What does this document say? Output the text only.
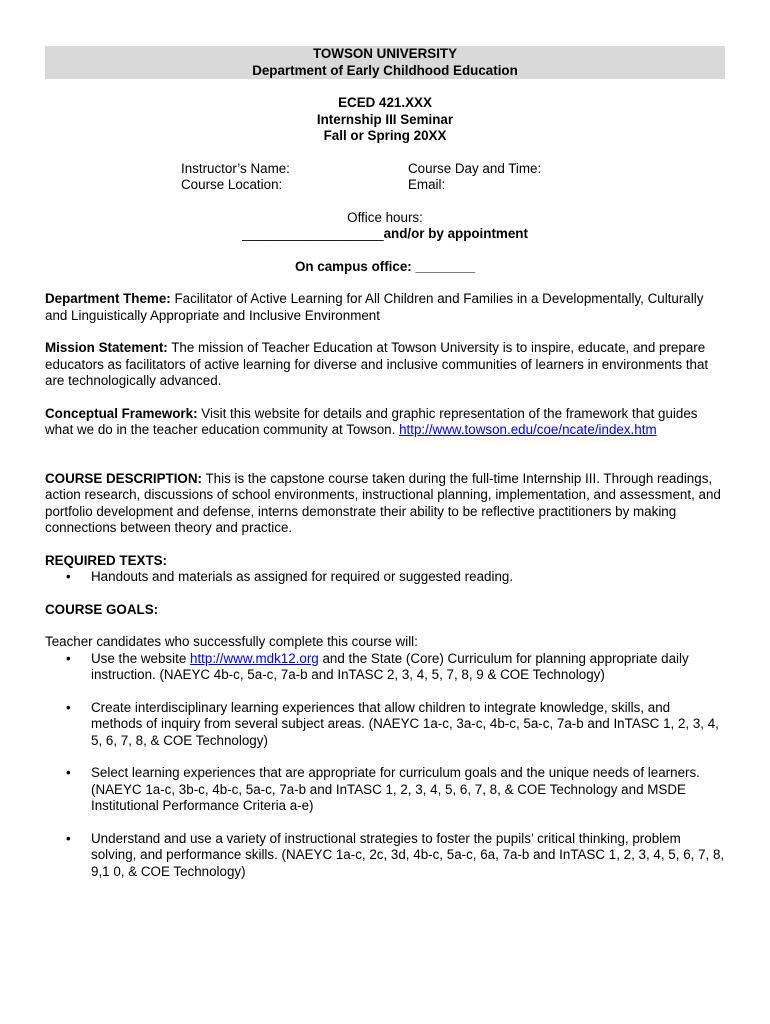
TOWSON UNIVERSITY

Department of Early Childhood Education

ECED 421.XXX

Internship III Seminar

Fall or Spring 20XX

Instructor’s Name:	Course Day and Time:
Course Location:	Email:

Office hours:

___________________and/or by appointment

On campus office: ________

Department Theme: Facilitator of Active Learning for All Children and Families in a Developmentally, Culturally and Linguistically Appropriate and Inclusive Environment

Mission Statement: The mission of Teacher Education at Towson University is to inspire, educate, and prepare educators as facilitators of active learning for diverse and inclusive communities of learners in environments that are technologically advanced.

Conceptual Framework: Visit this website for details and graphic representation of the framework that guides what we do in the teacher education community at Towson. http://www.towson.edu/coe/ncate/index.htm

COURSE DESCRIPTION: This is the capstone course taken during the full-time Internship III. Through readings, action research, discussions of school environments, instructional planning, implementation, and assessment, and portfolio development and defense, interns demonstrate their ability to be reflective practitioners by making connections between theory and practice.

REQUIRED TEXTS:

• Handouts and materials as assigned for required or suggested reading.

COURSE GOALS:

Teacher candidates who successfully complete this course will:

• Use the website http://www.mdk12.org and the State (Core) Curriculum for planning appropriate daily instruction. (NAEYC 4b-c, 5a-c, 7a-b and InTASC 2, 3, 4, 5, 7, 8, 9 & COE Technology)
• Create interdisciplinary learning experiences that allow children to integrate knowledge, skills, and methods of inquiry from several subject areas. (NAEYC 1a-c, 3a-c, 4b-c, 5a-c, 7a-b and InTASC 1, 2, 3, 4, 5, 6, 7, 8, & COE Technology)
• Select learning experiences that are appropriate for curriculum goals and the unique needs of learners. (NAEYC 1a-c, 3b-c, 4b-c, 5a-c, 7a-b and InTASC 1, 2, 3, 4, 5, 6, 7, 8, & COE Technology and MSDE Institutional Performance Criteria a-e)
• Understand and use a variety of instructional strategies to foster the pupils’ critical thinking, problem solving, and performance skills. (NAEYC 1a-c, 2c, 3d, 4b-c, 5a-c, 6a, 7a-b and InTASC 1, 2, 3, 4, 5, 6, 7, 8, 9,1 0, & COE Technology)
